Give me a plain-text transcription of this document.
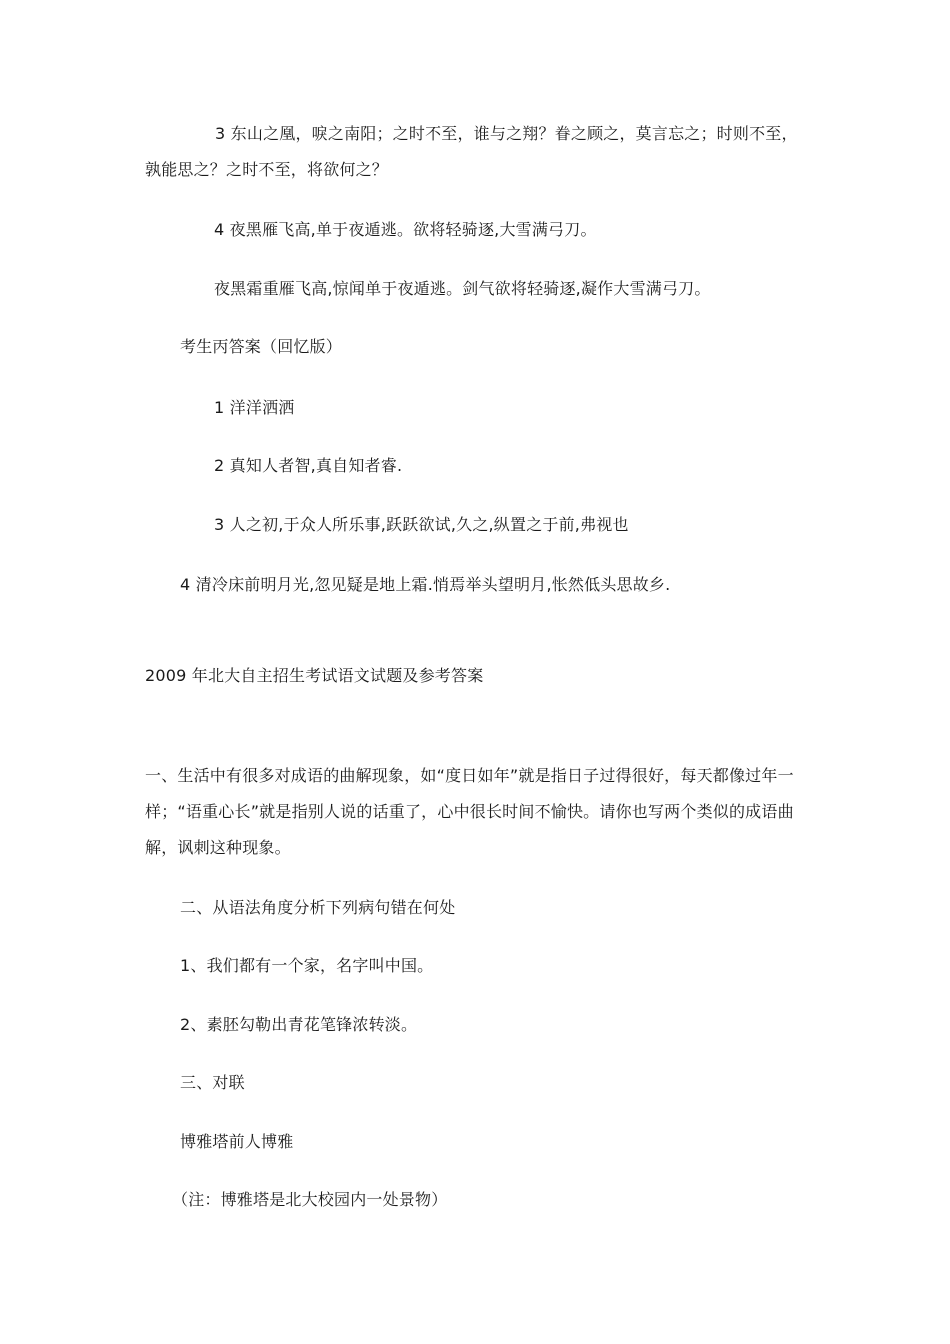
3 东山之凰，唳之南阳；之时不至，谁与之翔？眷之顾之，莫言忘之；时则不至，孰能思之？之时不至，将欲何之？
4 夜黑雁飞高,单于夜遁逃。欲将轻骑逐,大雪满弓刀。
夜黑霜重雁飞高,惊闻单于夜遁逃。剑气欲将轻骑逐,凝作大雪满弓刀。
考生丙答案（回忆版）
1 洋洋洒洒
2 真知人者智,真自知者睿.
3 人之初,于众人所乐事,跃跃欲试,久之,纵置之于前,弗视也
4 清冷床前明月光,忽见疑是地上霜.悄焉举头望明月,怅然低头思故乡.
2009 年北大自主招生考试语文试题及参考答案
一、生活中有很多对成语的曲解现象，如“度日如年”就是指日子过得很好，每天都像过年一样；“语重心长”就是指别人说的话重了，心中很长时间不愉快。请你也写两个类似的成语曲解，讽刺这种现象。
二、从语法角度分析下列病句错在何处
1、我们都有一个家，名字叫中国。
2、素胚勾勒出青花笔锋浓转淡。
三、对联
博雅塔前人博雅
（注：博雅塔是北大校园内一处景物）
